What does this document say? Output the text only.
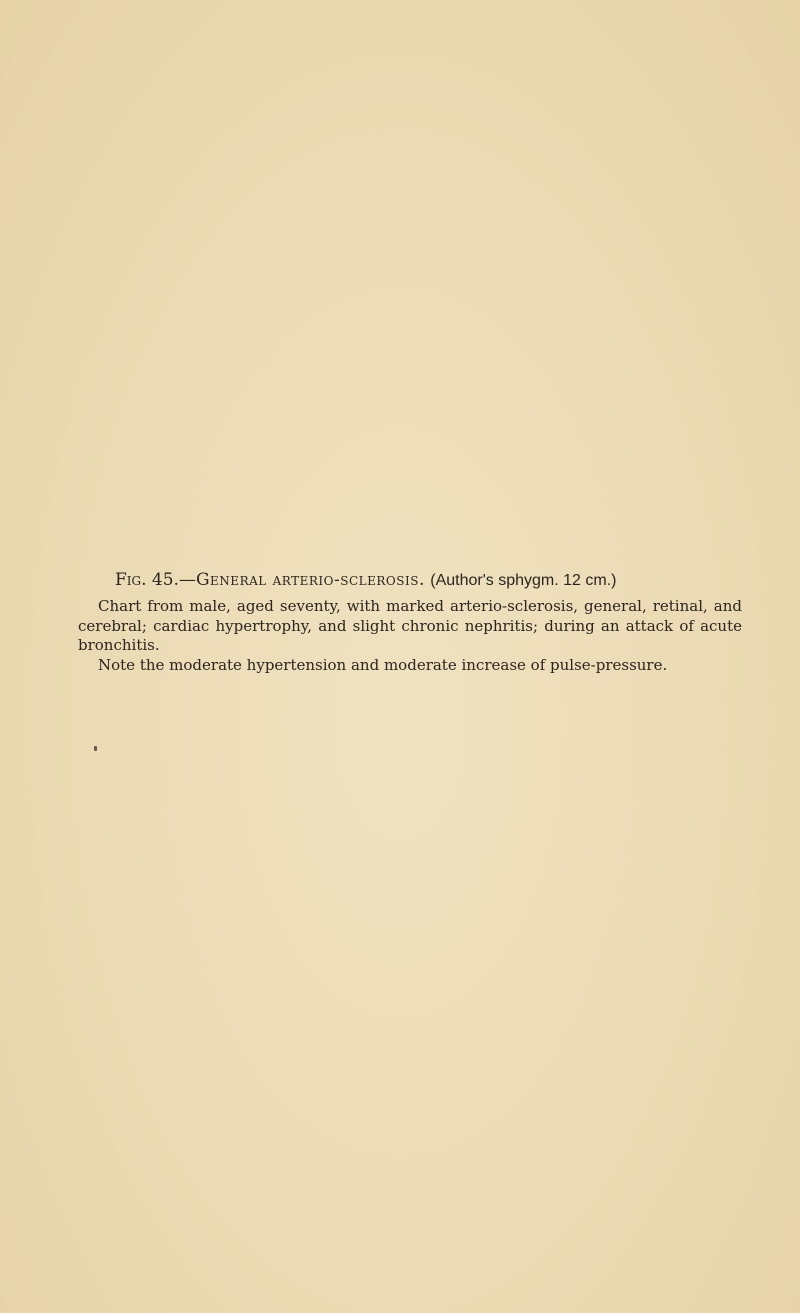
Fig. 45.—General arterio-sclerosis. (Author's sphygm. 12 cm.)

Chart from male, aged seventy, with marked arterio-sclerosis, general, retinal, and cerebral; cardiac hypertrophy, and slight chronic nephritis; during an attack of acute bronchitis.

Note the moderate hypertension and moderate increase of pulse-pressure.
